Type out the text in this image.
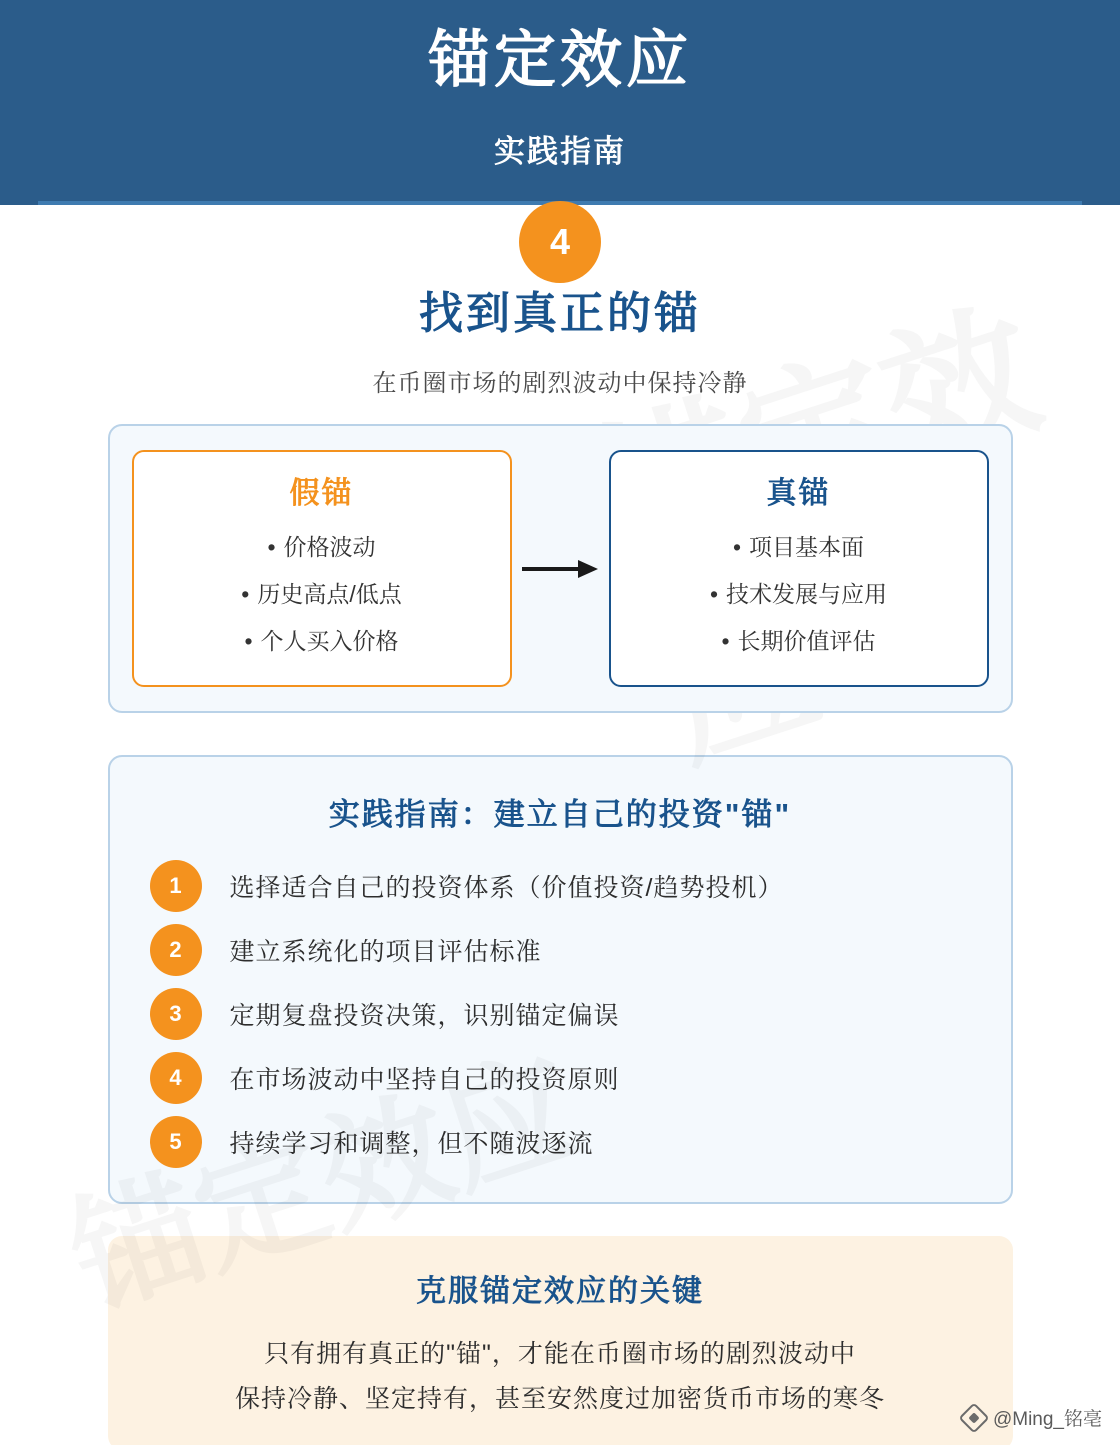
锚定效应
实践指南
4
找到真正的锚
在币圈市场的剧烈波动中保持冷静
假锚
• 价格波动
• 历史高点/低点
• 个人买入价格
真锚
• 项目基本面
• 技术发展与应用
• 长期价值评估
实践指南：建立自己的投资"锚"
1	选择适合自己的投资体系（价值投资/趋势投机）
2	建立系统化的项目评估标准
3	定期复盘投资决策，识别锚定偏误
4	在市场波动中坚持自己的投资原则
5	持续学习和调整，但不随波逐流
克服锚定效应的关键
只有拥有真正的"锚"，才能在币圈市场的剧烈波动中
保持冷静、坚定持有，甚至安然度过加密货币市场的寒冬
@Ming_铭亳
